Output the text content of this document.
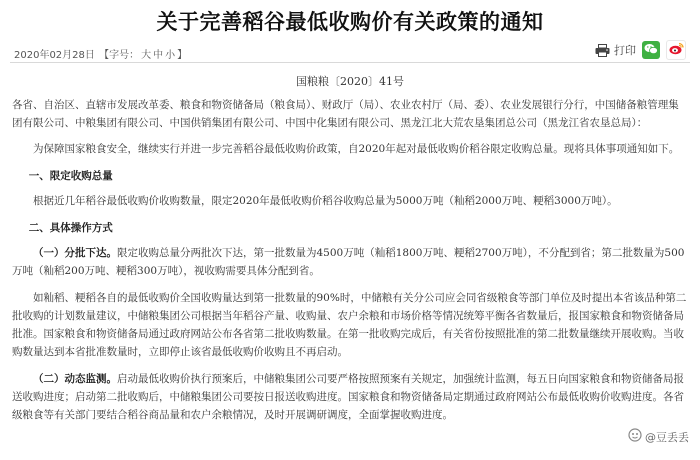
关于完善稻谷最低收购价有关政策的通知
2020年02月28日 【字号： 大 中 小 】	打印
国粮粮〔2020〕41号

各省、自治区、直辖市发展改革委、粮食和物资储备局（粮食局）、财政厅（局）、农业农村厅（局、委）、农业发展银行分行，中国储备粮管理集团有限公司、中粮集团有限公司、中国供销集团有限公司、中国中化集团有限公司、黑龙江北大荒农垦集团总公司（黑龙江省农垦总局）：

为保障国家粮食安全，继续实行并进一步完善稻谷最低收购价政策，自2020年起对最低收购价稻谷限定收购总量。现将具体事项通知如下。

一、限定收购总量

根据近几年稻谷最低收购价收购数量，限定2020年最低收购价稻谷收购总量为5000万吨（籼稻2000万吨、粳稻3000万吨）。

二、具体操作方式

（一）分批下达。限定收购总量分两批次下达，第一批数量为4500万吨（籼稻1800万吨、粳稻2700万吨），不分配到省；第二批数量为500万吨（籼稻200万吨、粳稻300万吨），视收购需要具体分配到省。

如籼稻、粳稻各自的最低收购价全国收购量达到第一批数量的90%时，中储粮有关分公司应会同省级粮食等部门单位及时提出本省该品种第二批收购的计划数量建议，中储粮集团公司根据当年稻谷产量、收购量、农户余粮和市场价格等情况统筹平衡各省数量后，报国家粮食和物资储备局批准。国家粮食和物资储备局通过政府网站公布各省第二批收购数量。在第一批收购完成后，有关省份按照批准的第二批数量继续开展收购。当收购数量达到本省批准数量时，立即停止该省最低收购价收购且不再启动。

（二）动态监测。启动最低收购价执行预案后，中储粮集团公司要严格按照预案有关规定，加强统计监测，每五日向国家粮食和物资储备局报送收购进度；启动第二批收购后，中储粮集团公司要按日报送收购进度。国家粮食和物资储备局定期通过政府网站公布最低收购价收购进度。各省级粮食等有关部门要结合稻谷商品量和农户余粮情况，及时开展调研调度，全面掌握收购进度。

@豆丢丢
